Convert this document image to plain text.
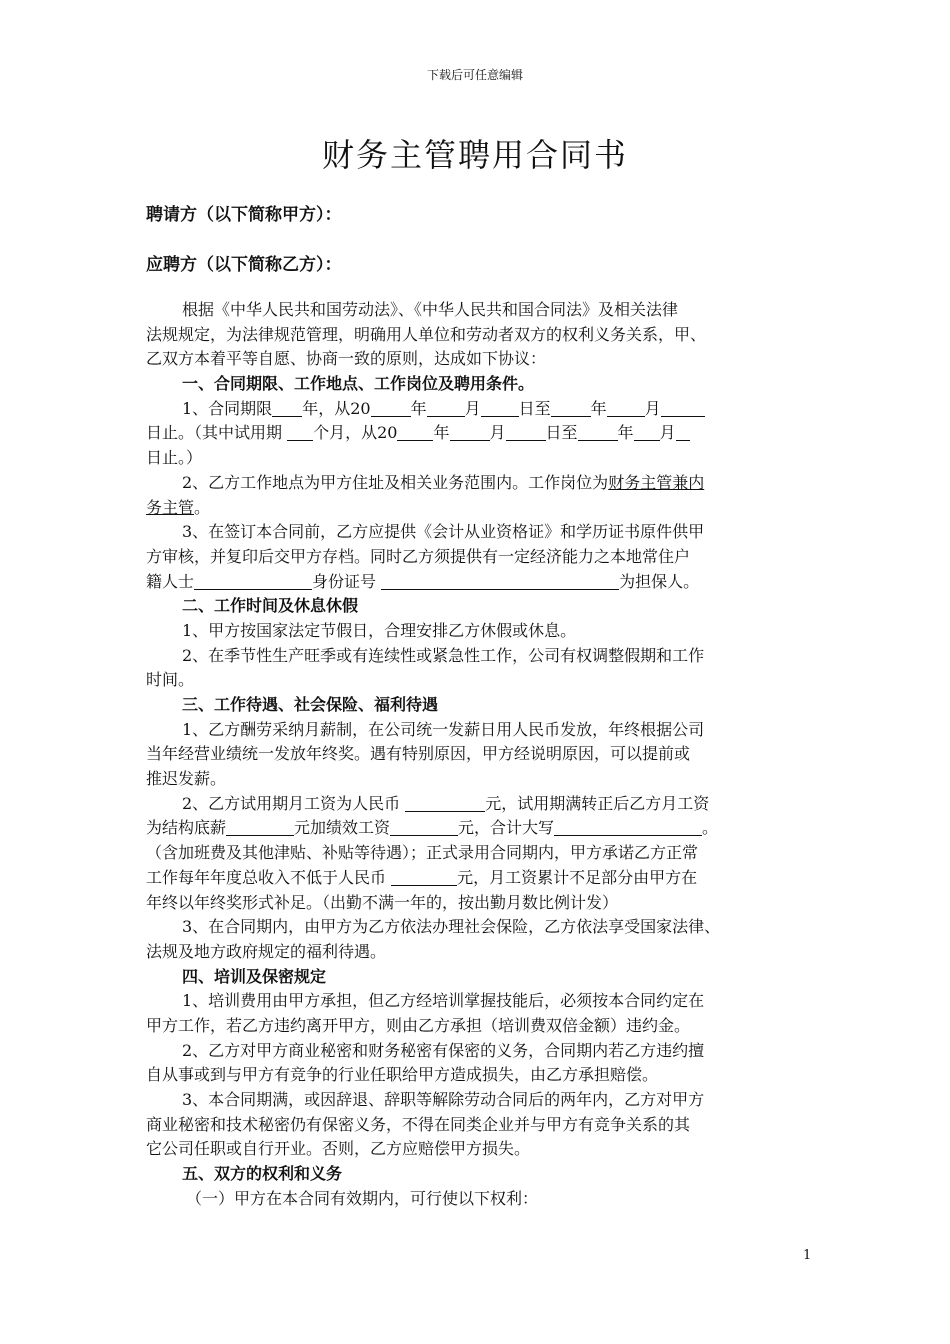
下载后可任意编辑
财务主管聘用合同书
聘请方（以下简称甲方）：
应聘方（以下简称乙方）：
根据《中华人民共和国劳动法》、《中华人民共和国合同法》及相关法律
法规规定，为法律规范管理，明确用人单位和劳动者双方的权利义务关系，甲、
乙双方本着平等自愿、协商一致的原则，达成如下协议：
一、合同期限、工作地点、工作岗位及聘用条件。
1、合同期限 年，从20	年 月 日至	年 月
日止。（其中试用期 个月，从20 年	月	日至	年 月
日止。）
2、乙方工作地点为甲方住址及相关业务范围内。工作岗位为财务主管兼内
务主管。
3、在签订本合同前，乙方应提供《会计从业资格证》和学历证书原件供甲
方审核，并复印后交甲方存档。同时乙方须提供有一定经济能力之本地常住户
籍人士	身份证号	为担保人。
二、工作时间及休息休假
1、甲方按国家法定节假日，合理安排乙方休假或休息。
2、在季节性生产旺季或有连续性或紧急性工作，公司有权调整假期和工作
时间。
三、工作待遇、社会保险、福利待遇
1、乙方酬劳采纳月薪制，在公司统一发薪日用人民币发放，年终根据公司
当年经营业绩统一发放年终奖。遇有特别原因，甲方经说明原因，可以提前或
推迟发薪。
2、乙方试用期月工资为人民币	元，试用期满转正后乙方月工资
为结构底薪	元加绩效工资	元，合计大写	。
（含加班费及其他津贴、补贴等待遇）；正式录用合同期内，甲方承诺乙方正常
工作每年年度总收入不低于人民币	元，月工资累计不足部分由甲方在
年终以年终奖形式补足。（出勤不满一年的，按出勤月数比例计发）
3、在合同期内，由甲方为乙方依法办理社会保险，乙方依法享受国家法律、
法规及地方政府规定的福利待遇。
四、培训及保密规定
1、培训费用由甲方承担，但乙方经培训掌握技能后，必须按本合同约定在
甲方工作，若乙方违约离开甲方，则由乙方承担（培训费双倍金额）违约金。
2、乙方对甲方商业秘密和财务秘密有保密的义务，合同期内若乙方违约擅
自从事或到与甲方有竞争的行业任职给甲方造成损失，由乙方承担赔偿。
3、本合同期满，或因辞退、辞职等解除劳动合同后的两年内，乙方对甲方
商业秘密和技术秘密仍有保密义务，不得在同类企业并与甲方有竞争关系的其
它公司任职或自行开业。否则，乙方应赔偿甲方损失。
五、双方的权利和义务
（一）甲方在本合同有效期内，可行使以下权利：
1
